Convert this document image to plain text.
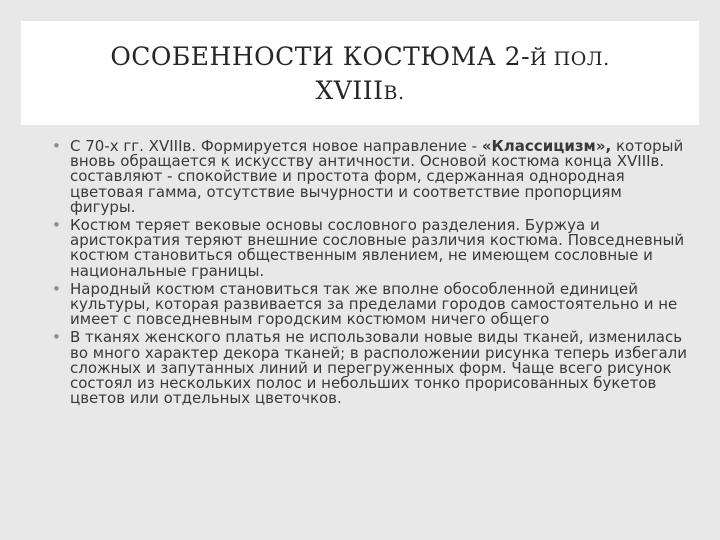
ОСОБЕННОСТИ КОСТЮМА 2-Й ПОЛ.
XVIIIВ.
• С 70-х гг. XVIIIв. Формируется новое направление - «Классицизм», который вновь обращается к искусству античности. Основой костюма конца XVIIIв. составляют - спокойствие и простота форм, сдержанная однородная цветовая гамма, отсутствие вычурности и соответствие пропорциям фигуры.
• Костюм теряет вековые основы сословного разделения. Буржуа и аристократия теряют внешние сословные различия костюма. Повседневный костюм становиться общественным явлением, не имеющем сословные и национальные границы.
• Народный костюм становиться так же вполне обособленной единицей культуры, которая развивается за пределами городов самостоятельно и не имеет с повседневным городским костюмом ничего общего
• В тканях женского платья не использовали новые виды тканей, изменилась во много характер декора тканей; в расположении рисунка теперь избегали сложных и запутанных линий и перегруженных форм. Чаще всего рисунок состоял из нескольких полос и небольших тонко прорисованных букетов цветов или отдельных цветочков.
